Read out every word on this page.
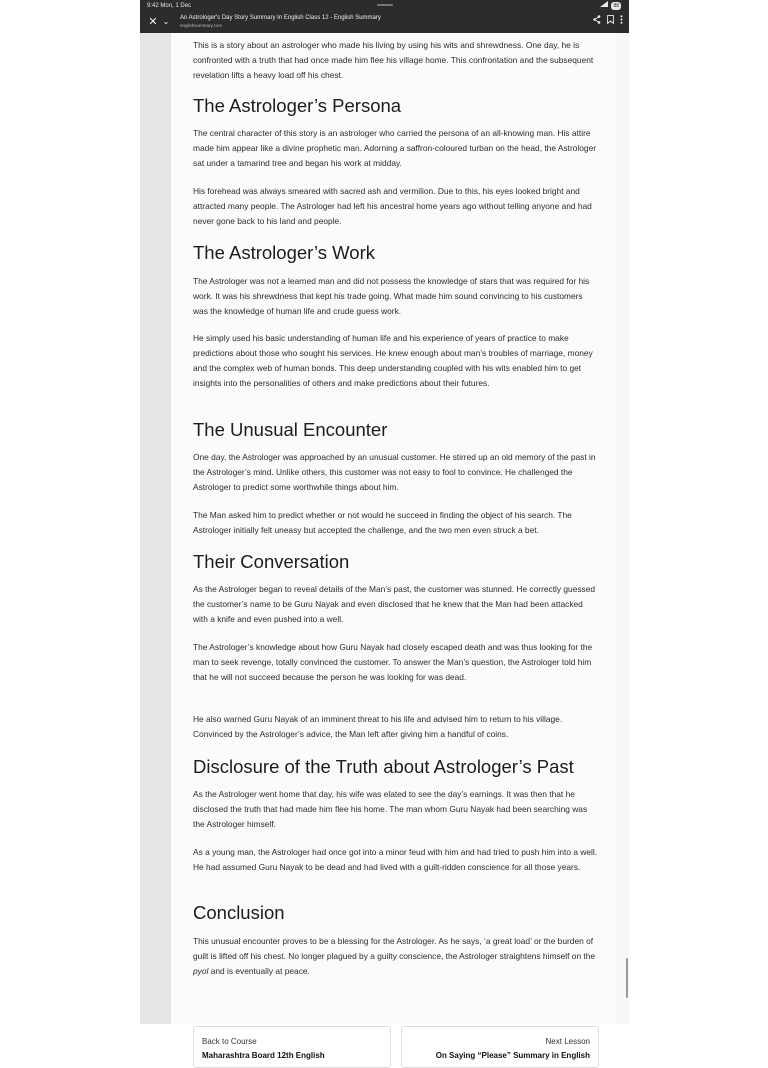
9:42 Mon, 1 Dec	88
✕ ⌄	An Astrologer's Day Story Summary In English Class 12 - English Summary
englishsummary.com

This is a story about an astrologer who made his living by using his wits and shrewdness. One day, he is confronted with a truth that had once made him flee his village home. This confrontation and the subsequent revelation lifts a heavy load off his chest.

The Astrologer’s Persona

The central character of this story is an astrologer who carried the persona of an all-knowing man. His attire made him appear like a divine prophetic man. Adorning a saffron-coloured turban on the head, the Astrologer sat under a tamarind tree and began his work at midday.

His forehead was always smeared with sacred ash and vermilion. Due to this, his eyes looked bright and attracted many people. The Astrologer had left his ancestral home years ago without telling anyone and had never gone back to his land and people.

The Astrologer’s Work

The Astrologer was not a learned man and did not possess the knowledge of stars that was required for his work. It was his shrewdness that kept his trade going. What made him sound convincing to his customers was the knowledge of human life and crude guess work.

He simply used his basic understanding of human life and his experience of years of practice to make predictions about those who sought his services. He knew enough about man’s troubles of marriage, money and the complex web of human bonds. This deep understanding coupled with his wits enabled him to get insights into the personalities of others and make predictions about their futures.

The Unusual Encounter

One day, the Astrologer was approached by an unusual customer. He stirred up an old memory of the past in the Astrologer’s mind. Unlike others, this customer was not easy to fool to convince. He challenged the Astrologer to predict some worthwhile things about him.

The Man asked him to predict whether or not would he succeed in finding the object of his search. The Astrologer initially felt uneasy but accepted the challenge, and the two men even struck a bet.

Their Conversation

As the Astrologer began to reveal details of the Man’s past, the customer was stunned. He correctly guessed the customer’s name to be Guru Nayak and even disclosed that he knew that the Man had been attacked with a knife and even pushed into a well.

The Astrologer’s knowledge about how Guru Nayak had closely escaped death and was thus looking for the man to seek revenge, totally convinced the customer. To answer the Man’s question, the Astrologer told him that he will not succeed because the person he was looking for was dead.

He also warned Guru Nayak of an imminent threat to his life and advised him to return to his village. Convinced by the Astrologer’s advice, the Man left after giving him a handful of coins.

Disclosure of the Truth about Astrologer’s Past

As the Astrologer went home that day, his wife was elated to see the day’s earnings. It was then that he disclosed the truth that had made him flee his home. The man whom Guru Nayak had been searching was the Astrologer himself.

As a young man, the Astrologer had once got into a minor feud with him and had tried to push him into a well. He had assumed Guru Nayak to be dead and had lived with a guilt-ridden conscience for all those years.

Conclusion

This unusual encounter proves to be a blessing for the Astrologer. As he says, ‘a great load’ or the burden of guilt is lifted off his chest. No longer plagued by a guilty conscience, the Astrologer straightens himself on the pyol and is eventually at peace.

Back to Course
Maharashtra Board 12th English
Next Lesson
On Saying “Please” Summary in English
